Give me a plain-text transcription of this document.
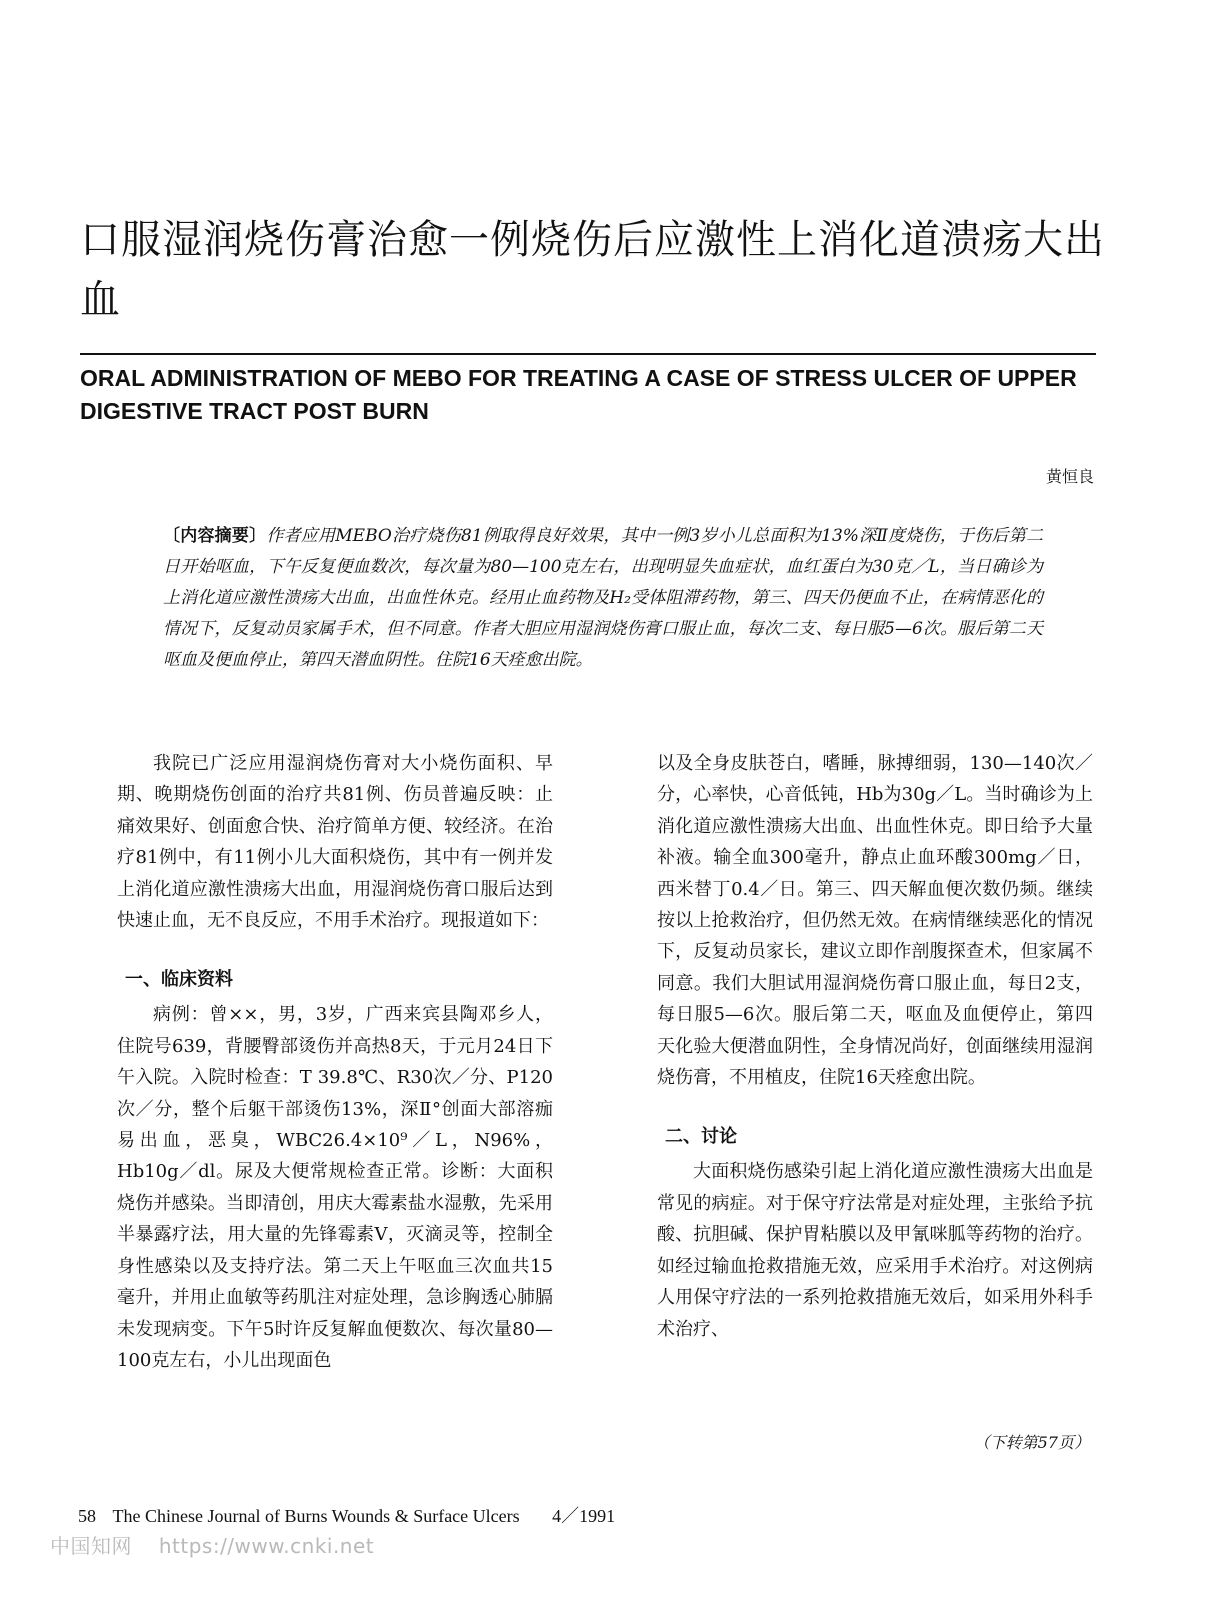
口服湿润烧伤膏治愈一例烧伤后应激性上消化道溃疡大出血
ORAL ADMINISTRATION OF MEBO FOR TREATING A CASE OF STRESS ULCER OF UPPER DIGESTIVE TRACT POST BURN
黄恒良
〔内容摘要〕作者应用MEBO治疗烧伤81例取得良好效果，其中一例3岁小儿总面积为13%深Ⅱ度烧伤，于伤后第二日开始呕血，下午反复便血数次，每次量为80—100克左右，出现明显失血症状，血红蛋白为30克／L，当日确诊为上消化道应激性溃疡大出血，出血性休克。经用止血药物及H₂受体阻滞药物，第三、四天仍便血不止，在病情恶化的情况下，反复动员家属手术，但不同意。作者大胆应用湿润烧伤膏口服止血，每次二支、每日服5—6次。服后第二天呕血及便血停止，第四天潜血阴性。住院16天痊愈出院。

我院已广泛应用湿润烧伤膏对大小烧伤面积、早期、晚期烧伤创面的治疗共81例、伤员普遍反映：止痛效果好、创面愈合快、治疗简单方便、较经济。在治疗81例中，有11例小儿大面积烧伤，其中有一例并发上消化道应激性溃疡大出血，用湿润烧伤膏口服后达到快速止血，无不良反应，不用手术治疗。现报道如下：

一、临床资料

病例：曾××，男，3岁，广西来宾县陶邓乡人，住院号639，背腰臀部烫伤并高热8天，于元月24日下午入院。入院时检查：T 39.8℃、R30次／分、P120次／分，整个后躯干部烫伤13%，深Ⅱ°创面大部溶痂易出血，恶臭，WBC26.4×10⁹／L，N96%，Hb10g／dl。尿及大便常规检查正常。诊断：大面积烧伤并感染。当即清创，用庆大霉素盐水湿敷，先采用半暴露疗法，用大量的先锋霉素Ⅴ，灭滴灵等，控制全身性感染以及支持疗法。第二天上午呕血三次血共15毫升，并用止血敏等药肌注对症处理，急诊胸透心肺膈未发现病变。下午5时许反复解血便数次、每次量80—100克左右，小儿出现面色

以及全身皮肤苍白，嗜睡，脉搏细弱，130—140次／分，心率快，心音低钝，Hb为30g／L。当时确诊为上消化道应激性溃疡大出血、出血性休克。即日给予大量补液。输全血300毫升，静点止血环酸300mg／日，西米替丁0.4／日。第三、四天解血便次数仍频。继续按以上抢救治疗，但仍然无效。在病情继续恶化的情况下，反复动员家长，建议立即作剖腹探查术，但家属不同意。我们大胆试用湿润烧伤膏口服止血，每日2支，每日服5—6次。服后第二天，呕血及血便停止，第四天化验大便潜血阴性，全身情况尚好，创面继续用湿润烧伤膏，不用植皮，住院16天痊愈出院。

二、讨论

大面积烧伤感染引起上消化道应激性溃疡大出血是常见的病症。对于保守疗法常是对症处理，主张给予抗酸、抗胆碱、保护胃粘膜以及甲氰咪胍等药物的治疗。如经过输血抢救措施无效，应采用手术治疗。对这例病人用保守疗法的一系列抢救措施无效后，如采用外科手术治疗、

（下转第57页）
58 The Chinese Journal of Burns Wounds & Surface Ulcers 4／1991
中国知网 https://www.cnki.net
